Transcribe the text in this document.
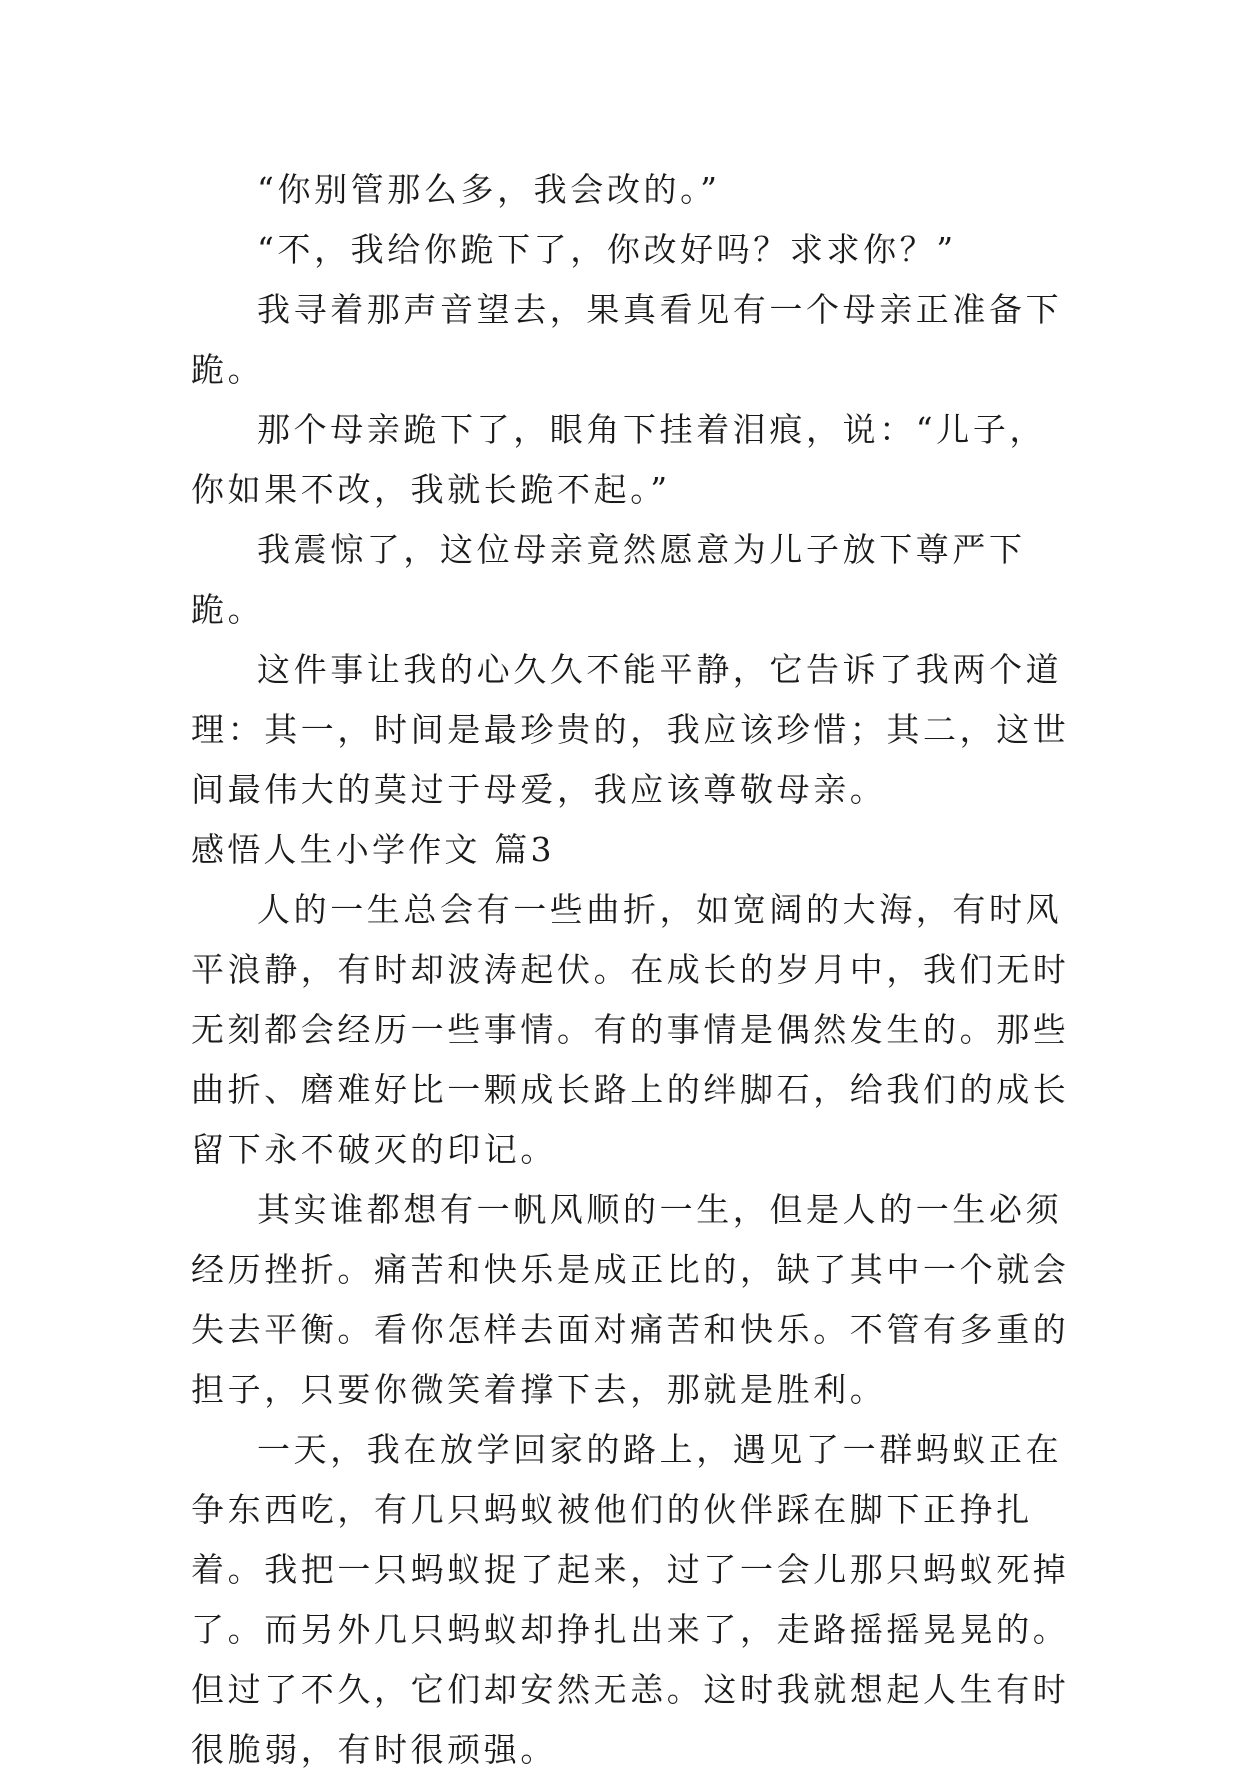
“你别管那么多，我会改的。”

“不，我给你跪下了，你改好吗？求求你？”

我寻着那声音望去，果真看见有一个母亲正准备下跪。

那个母亲跪下了，眼角下挂着泪痕，说：“儿子，你如果不改，我就长跪不起。”

我震惊了，这位母亲竟然愿意为儿子放下尊严下跪。

这件事让我的心久久不能平静，它告诉了我两个道理：其一，时间是最珍贵的，我应该珍惜；其二，这世间最伟大的莫过于母爱，我应该尊敬母亲。

感悟人生小学作文 篇3

人的一生总会有一些曲折，如宽阔的大海，有时风平浪静，有时却波涛起伏。在成长的岁月中，我们无时无刻都会经历一些事情。有的事情是偶然发生的。那些曲折、磨难好比一颗成长路上的绊脚石，给我们的成长留下永不破灭的印记。

其实谁都想有一帆风顺的一生，但是人的一生必须经历挫折。痛苦和快乐是成正比的，缺了其中一个就会失去平衡。看你怎样去面对痛苦和快乐。不管有多重的担子，只要你微笑着撑下去，那就是胜利。

一天，我在放学回家的路上，遇见了一群蚂蚁正在争东西吃，有几只蚂蚁被他们的伙伴踩在脚下正挣扎着。我把一只蚂蚁捉了起来，过了一会儿那只蚂蚁死掉了。而另外几只蚂蚁却挣扎出来了，走路摇摇晃晃的。但过了不久，它们却安然无恙。这时我就想起人生有时很脆弱，有时很顽强。
